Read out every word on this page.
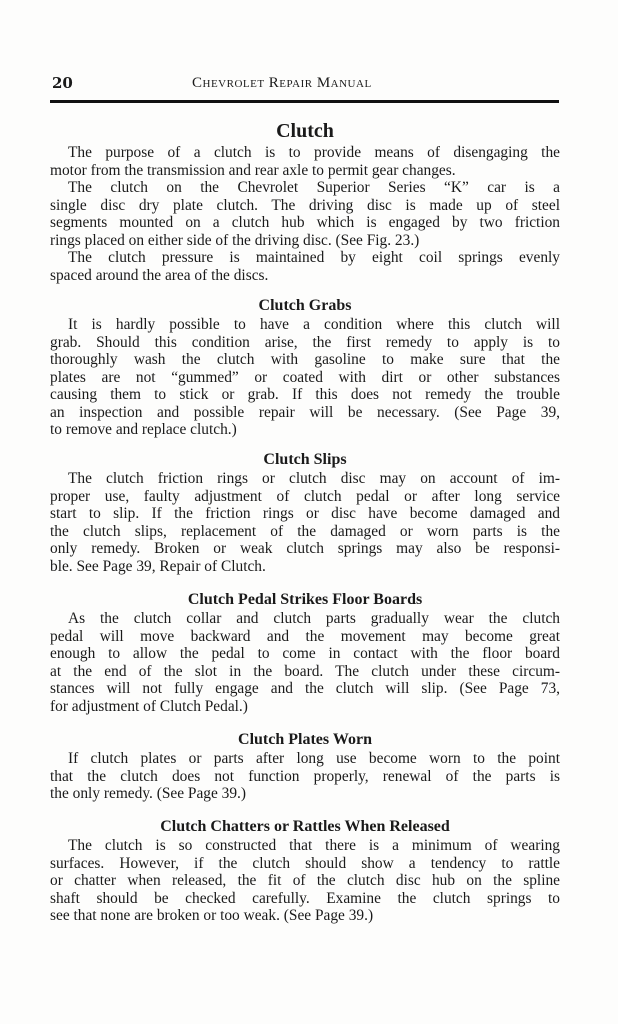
20	Chevrolet Repair Manual
Clutch
The purpose of a clutch is to provide means of disengaging the
motor from the transmission and rear axle to permit gear changes.
The clutch on the Chevrolet Superior Series “K” car is a
single disc dry plate clutch. The driving disc is made up of steel
segments mounted on a clutch hub which is engaged by two friction
rings placed on either side of the driving disc. (See Fig. 23.)
The clutch pressure is maintained by eight coil springs evenly
spaced around the area of the discs.
Clutch Grabs
It is hardly possible to have a condition where this clutch will
grab. Should this condition arise, the first remedy to apply is to
thoroughly wash the clutch with gasoline to make sure that the
plates are not “gummed” or coated with dirt or other substances
causing them to stick or grab. If this does not remedy the trouble
an inspection and possible repair will be necessary. (See Page 39,
to remove and replace clutch.)
Clutch Slips
The clutch friction rings or clutch disc may on account of im-
proper use, faulty adjustment of clutch pedal or after long service
start to slip. If the friction rings or disc have become damaged and
the clutch slips, replacement of the damaged or worn parts is the
only remedy. Broken or weak clutch springs may also be responsi-
ble. See Page 39, Repair of Clutch.
Clutch Pedal Strikes Floor Boards
As the clutch collar and clutch parts gradually wear the clutch
pedal will move backward and the movement may become great
enough to allow the pedal to come in contact with the floor board
at the end of the slot in the board. The clutch under these circum-
stances will not fully engage and the clutch will slip. (See Page 73,
for adjustment of Clutch Pedal.)
Clutch Plates Worn
If clutch plates or parts after long use become worn to the point
that the clutch does not function properly, renewal of the parts is
the only remedy. (See Page 39.)
Clutch Chatters or Rattles When Released
The clutch is so constructed that there is a minimum of wearing
surfaces. However, if the clutch should show a tendency to rattle
or chatter when released, the fit of the clutch disc hub on the spline
shaft should be checked carefully. Examine the clutch springs to
see that none are broken or too weak. (See Page 39.)
